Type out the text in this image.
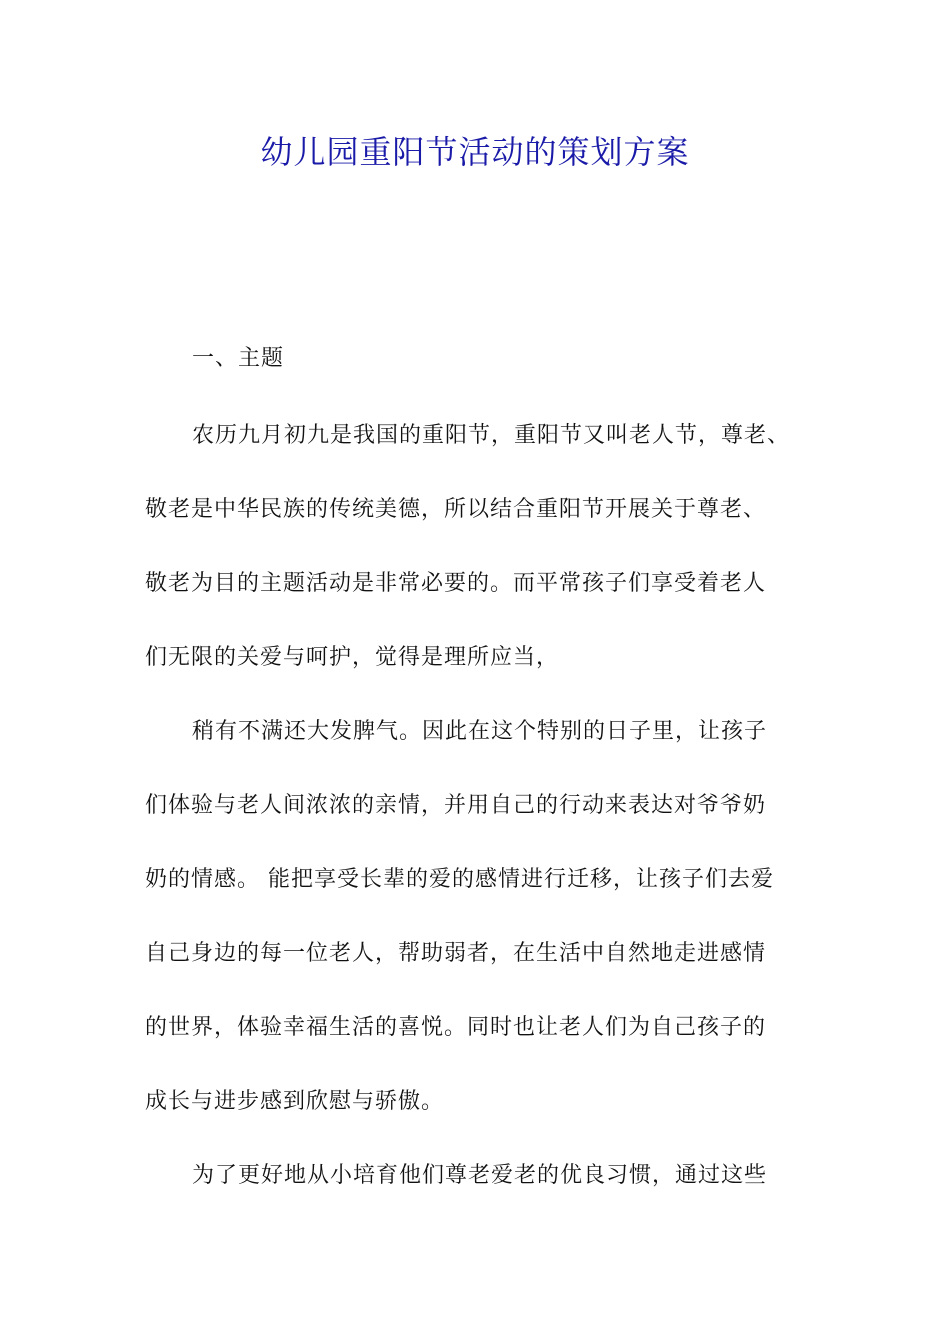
幼儿园重阳节活动的策划方案
一、主题
农历九月初九是我国的重阳节，重阳节又叫老人节，尊老、
敬老是中华民族的传统美德，所以结合重阳节开展关于尊老、
敬老为目的主题活动是非常必要的。而平常孩子们享受着老人
们无限的关爱与呵护，觉得是理所应当，
稍有不满还大发脾气。因此在这个特别的日子里，让孩子
们体验与老人间浓浓的亲情，并用自己的行动来表达对爷爷奶
奶的情感。 能把享受长辈的爱的感情进行迁移，让孩子们去爱
自己身边的每一位老人，帮助弱者，在生活中自然地走进感情
的世界，体验幸福生活的喜悦。同时也让老人们为自己孩子的
成长与进步感到欣慰与骄傲。
为了更好地从小培育他们尊老爱老的优良习惯，通过这些
